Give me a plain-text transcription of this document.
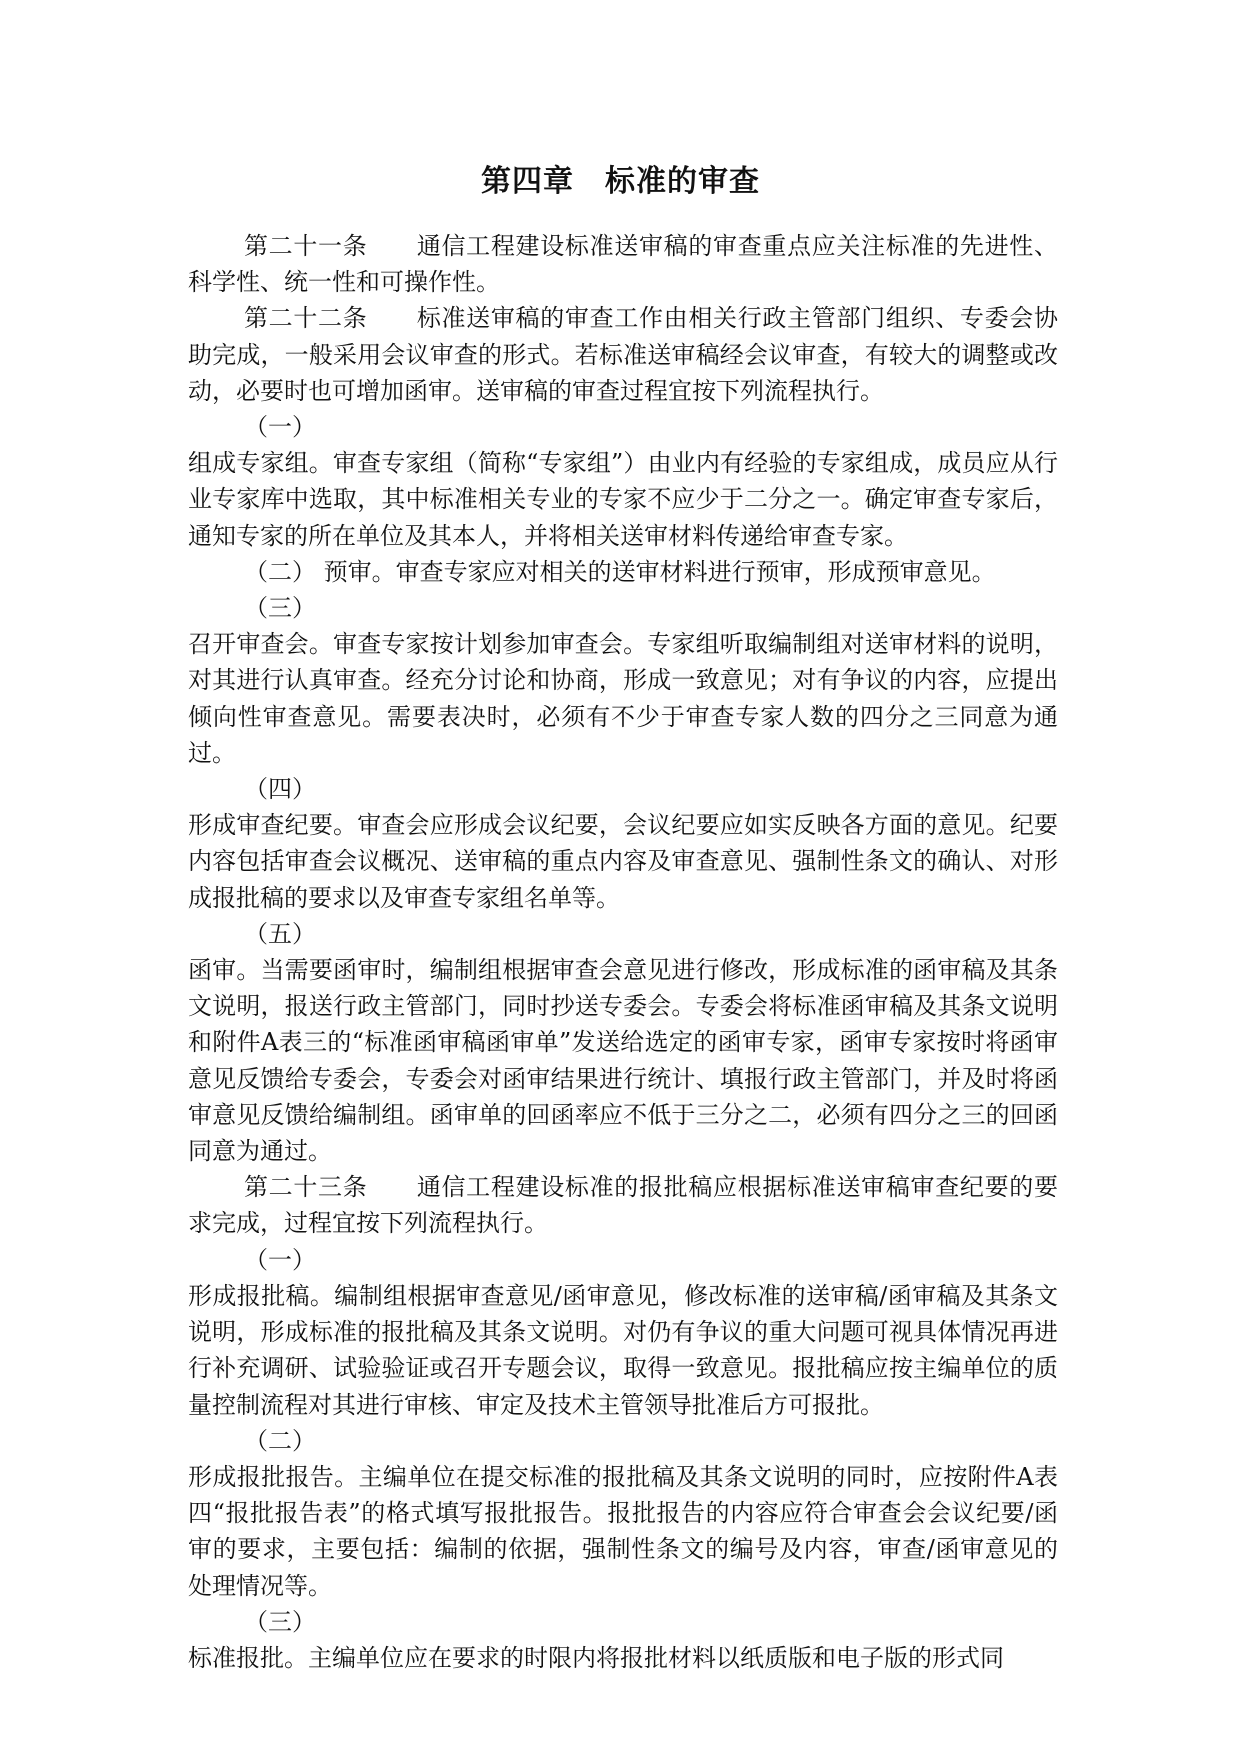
第四章　标准的审查

第二十一条　　通信工程建设标准送审稿的审查重点应关注标准的先进性、科学性、统一性和可操作性。

第二十二条　　标准送审稿的审查工作由相关行政主管部门组织、专委会协助完成，一般采用会议审查的形式。若标准送审稿经会议审查，有较大的调整或改动，必要时也可增加函审。送审稿的审查过程宜按下列流程执行。

（一）

组成专家组。审查专家组（简称“专家组”）由业内有经验的专家组成，成员应从行业专家库中选取，其中标准相关专业的专家不应少于二分之一。确定审查专家后，通知专家的所在单位及其本人，并将相关送审材料传递给审查专家。

（二） 预审。审查专家应对相关的送审材料进行预审，形成预审意见。

（三）

召开审查会。审查专家按计划参加审查会。专家组听取编制组对送审材料的说明，对其进行认真审查。经充分讨论和协商，形成一致意见；对有争议的内容，应提出倾向性审查意见。需要表决时，必须有不少于审查专家人数的四分之三同意为通过。

（四）

形成审查纪要。审查会应形成会议纪要，会议纪要应如实反映各方面的意见。纪要内容包括审查会议概况、送审稿的重点内容及审查意见、强制性条文的确认、对形成报批稿的要求以及审查专家组名单等。

（五）

函审。当需要函审时，编制组根据审查会意见进行修改，形成标准的函审稿及其条文说明，报送行政主管部门，同时抄送专委会。专委会将标准函审稿及其条文说明和附件A表三的“标准函审稿函审单”发送给选定的函审专家，函审专家按时将函审意见反馈给专委会，专委会对函审结果进行统计、填报行政主管部门，并及时将函审意见反馈给编制组。函审单的回函率应不低于三分之二，必须有四分之三的回函同意为通过。

第二十三条　　通信工程建设标准的报批稿应根据标准送审稿审查纪要的要求完成，过程宜按下列流程执行。

（一）

形成报批稿。编制组根据审查意见/函审意见，修改标准的送审稿/函审稿及其条文说明，形成标准的报批稿及其条文说明。对仍有争议的重大问题可视具体情况再进行补充调研、试验验证或召开专题会议，取得一致意见。报批稿应按主编单位的质量控制流程对其进行审核、审定及技术主管领导批准后方可报批。

（二）

形成报批报告。主编单位在提交标准的报批稿及其条文说明的同时，应按附件A表四“报批报告表”的格式填写报批报告。报批报告的内容应符合审查会会议纪要/函审的要求，主要包括：编制的依据，强制性条文的编号及内容，审查/函审意见的处理情况等。

（三）

标准报批。主编单位应在要求的时限内将报批材料以纸质版和电子版的形式同
